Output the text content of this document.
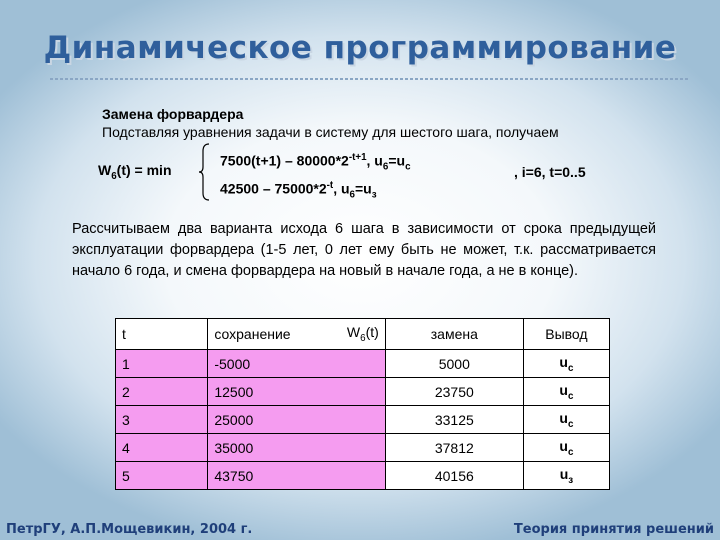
Динамическое программирование
Замена форвардера
Подставляя уравнения задачи в систему для шестого шага, получаем
$W_6(t) = \min$
$7500(t+1) - 80000*2^{-t+1}$, $u_6=u_c$
$42500 - 75000*2^{-t}$, $u_6=u_з$
, i=6, t=0..5
Рассчитываем два варианта исхода 6 шага в зависимости от срока предыдущей эксплуатации форвардера (1-5 лет, 0 лет ему быть не может, т.к. рассматривается начало 6 года, и смена форвардера на новый в начале года, а не в конце).
t	сохранение $W_6(t)$	замена	Вывод
1	-5000	5000	$u_c$
2	12500	23750	$u_c$
3	25000	33125	$u_c$
4	35000	37812	$u_c$
5	43750	40156	$u_з$
ПетрГУ, А.П.Мощевикин, 2004 г.	Теория принятия решений
